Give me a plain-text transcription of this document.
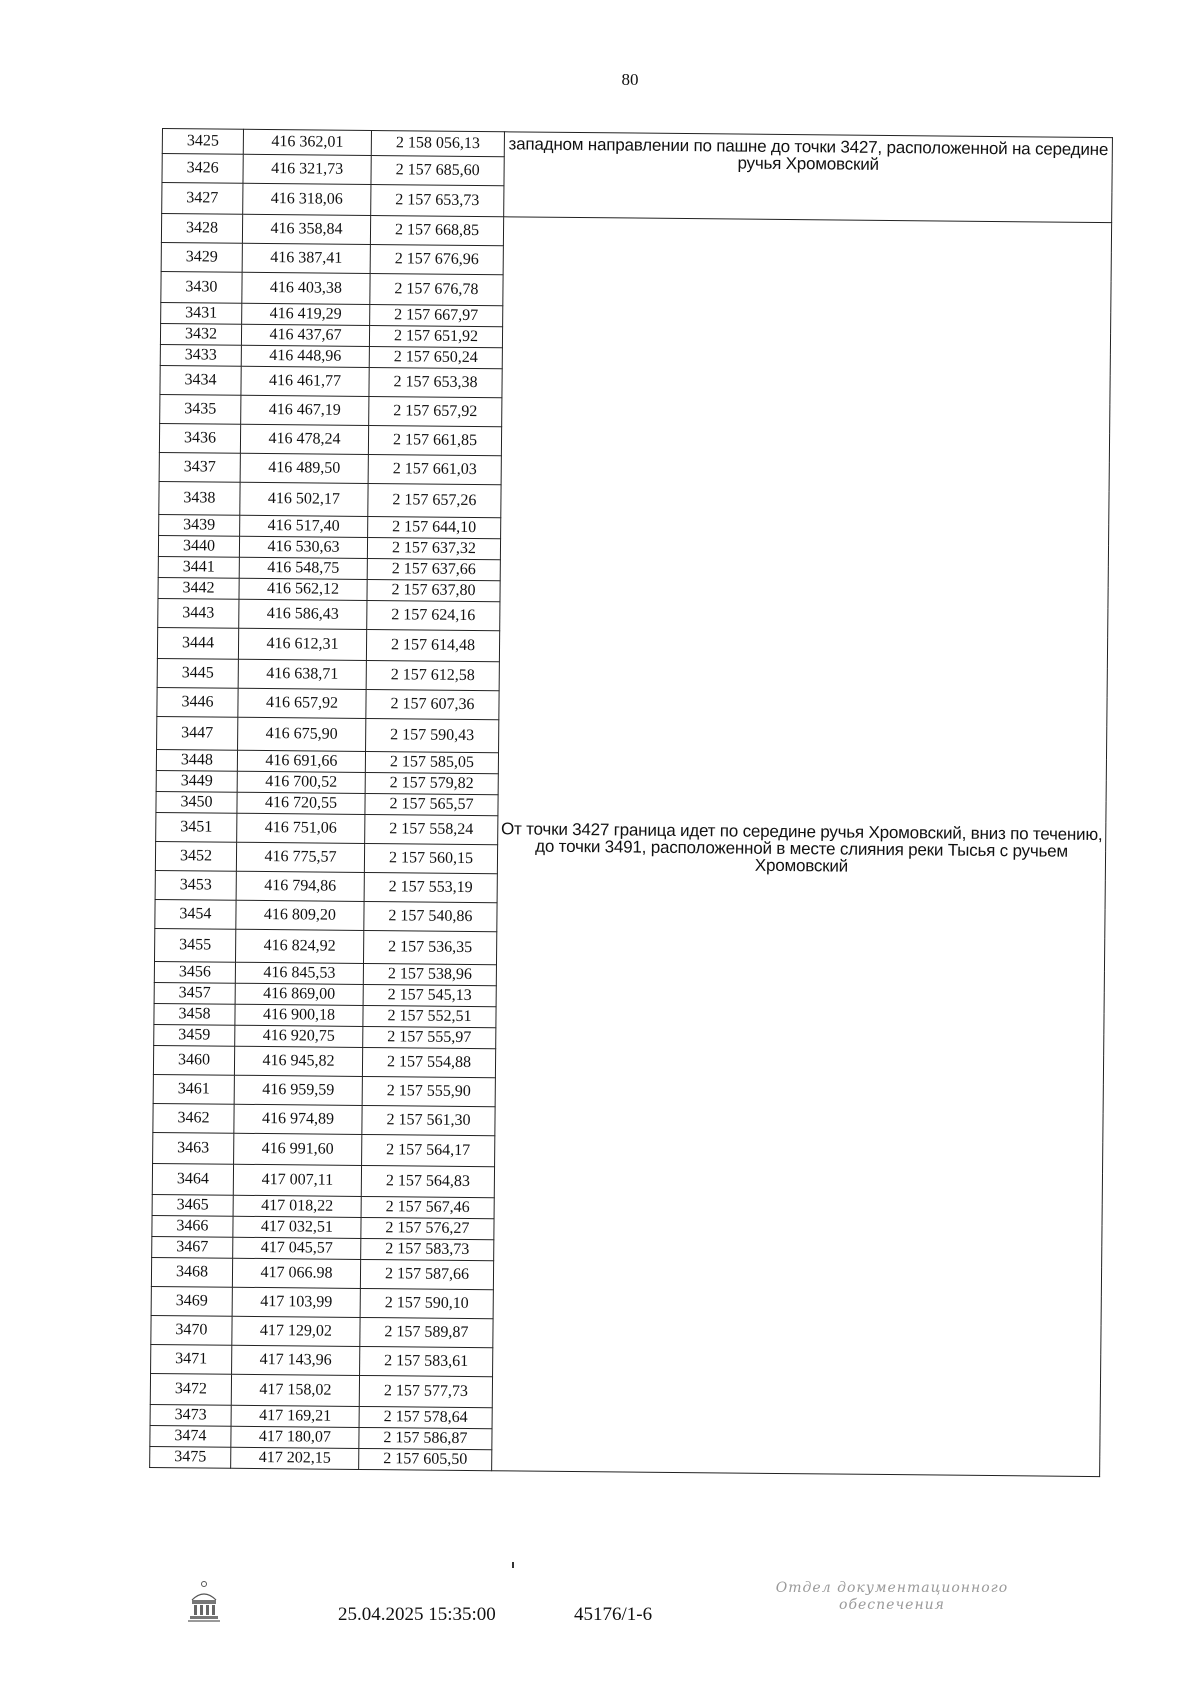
80
3425	416 362,01	2 158 056,13	западном направлении по пашне до точки 3427, расположенной на середине ручья Хромовский
3426	416 321,73	2 157 685,60	
3427	416 318,06	2 157 653,73	
3428	416 358,84	2 157 668,85	От точки 3427 граница идет по середине ручья Хромовский, вниз по течению, до точки 3491, расположенной в месте слияния реки Тысья с ручьем Хромовский
3429	416 387,41	2 157 676,96	
3430	416 403,38	2 157 676,78	
3431	416 419,29	2 157 667,97	
3432	416 437,67	2 157 651,92	
3433	416 448,96	2 157 650,24	
3434	416 461,77	2 157 653,38	
3435	416 467,19	2 157 657,92	
3436	416 478,24	2 157 661,85	
3437	416 489,50	2 157 661,03	
3438	416 502,17	2 157 657,26	
3439	416 517,40	2 157 644,10	
3440	416 530,63	2 157 637,32	
3441	416 548,75	2 157 637,66	
3442	416 562,12	2 157 637,80	
3443	416 586,43	2 157 624,16	
3444	416 612,31	2 157 614,48	
3445	416 638,71	2 157 612,58	
3446	416 657,92	2 157 607,36	
3447	416 675,90	2 157 590,43	
3448	416 691,66	2 157 585,05	
3449	416 700,52	2 157 579,82	
3450	416 720,55	2 157 565,57	
3451	416 751,06	2 157 558,24	
3452	416 775,57	2 157 560,15	
3453	416 794,86	2 157 553,19	
3454	416 809,20	2 157 540,86	
3455	416 824,92	2 157 536,35	
3456	416 845,53	2 157 538,96	
3457	416 869,00	2 157 545,13	
3458	416 900,18	2 157 552,51	
3459	416 920,75	2 157 555,97	
3460	416 945,82	2 157 554,88	
3461	416 959,59	2 157 555,90	
3462	416 974,89	2 157 561,30	
3463	416 991,60	2 157 564,17	
3464	417 007,11	2 157 564,83	
3465	417 018,22	2 157 567,46	
3466	417 032,51	2 157 576,27	
3467	417 045,57	2 157 583,73	
3468	417 066.98	2 157 587,66	
3469	417 103,99	2 157 590,10	
3470	417 129,02	2 157 589,87	
3471	417 143,96	2 157 583,61	
3472	417 158,02	2 157 577,73	
3473	417 169,21	2 157 578,64	
3474	417 180,07	2 157 586,87	
3475	417 202,15	2 157 605,50	
25.04.2025 15:35:00	45176/1-6
Отдел документационного
обеспечения
